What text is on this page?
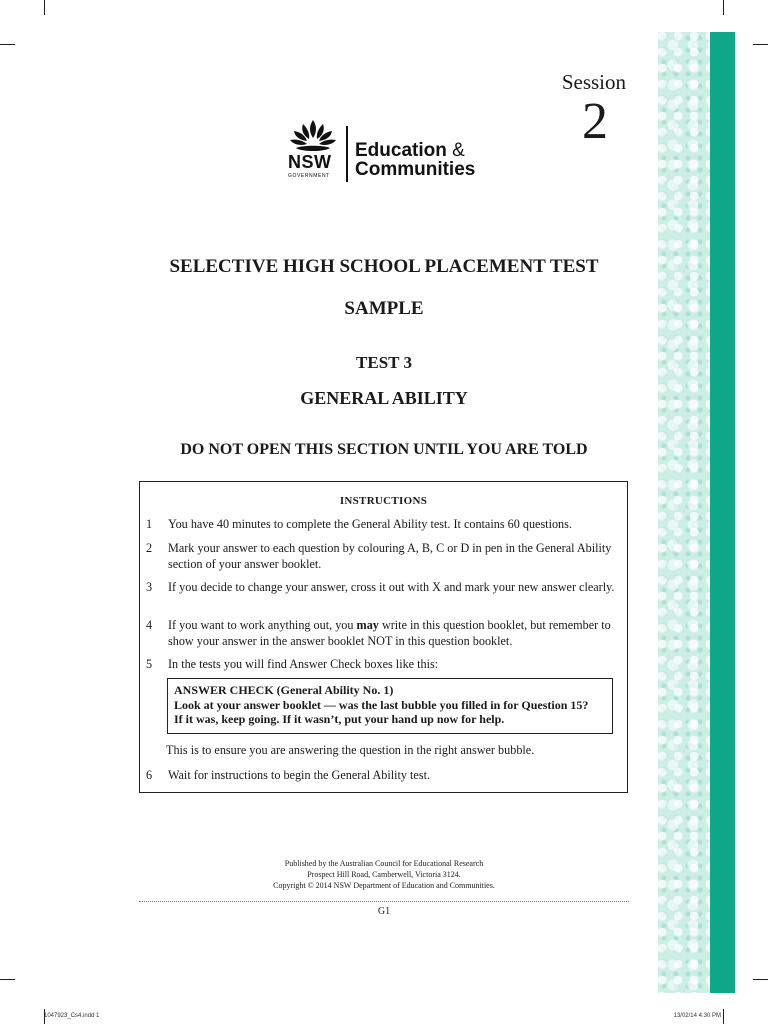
Session
2
NSW
GOVERNMENT
Education &
Communities
SELECTIVE HIGH SCHOOL PLACEMENT TEST
SAMPLE
TEST 3
GENERAL ABILITY
DO NOT OPEN THIS SECTION UNTIL YOU ARE TOLD
INSTRUCTIONS
1 You have 40 minutes to complete the General Ability test. It contains 60 questions.
2 Mark your answer to each question by colouring A, B, C or D in pen in the General Ability section of your answer booklet.
3 If you decide to change your answer, cross it out with X and mark your new answer clearly.
4 If you want to work anything out, you may write in this question booklet, but remember to show your answer in the answer booklet NOT in this question booklet.
5 In the tests you will find Answer Check boxes like this:
ANSWER CHECK (General Ability No. 1)
Look at your answer booklet — was the last bubble you filled in for Question 15?
If it was, keep going. If it wasn’t, put your hand up now for help.
This is to ensure you are answering the question in the right answer bubble.
6 Wait for instructions to begin the General Ability test.
Published by the Australian Council for Educational Research
Prospect Hill Road, Camberwell, Victoria 3124.
Copyright © 2014 NSW Department of Education and Communities.
G1
1047923_Cs4.indd 1	13/02/14 4:30 PM
